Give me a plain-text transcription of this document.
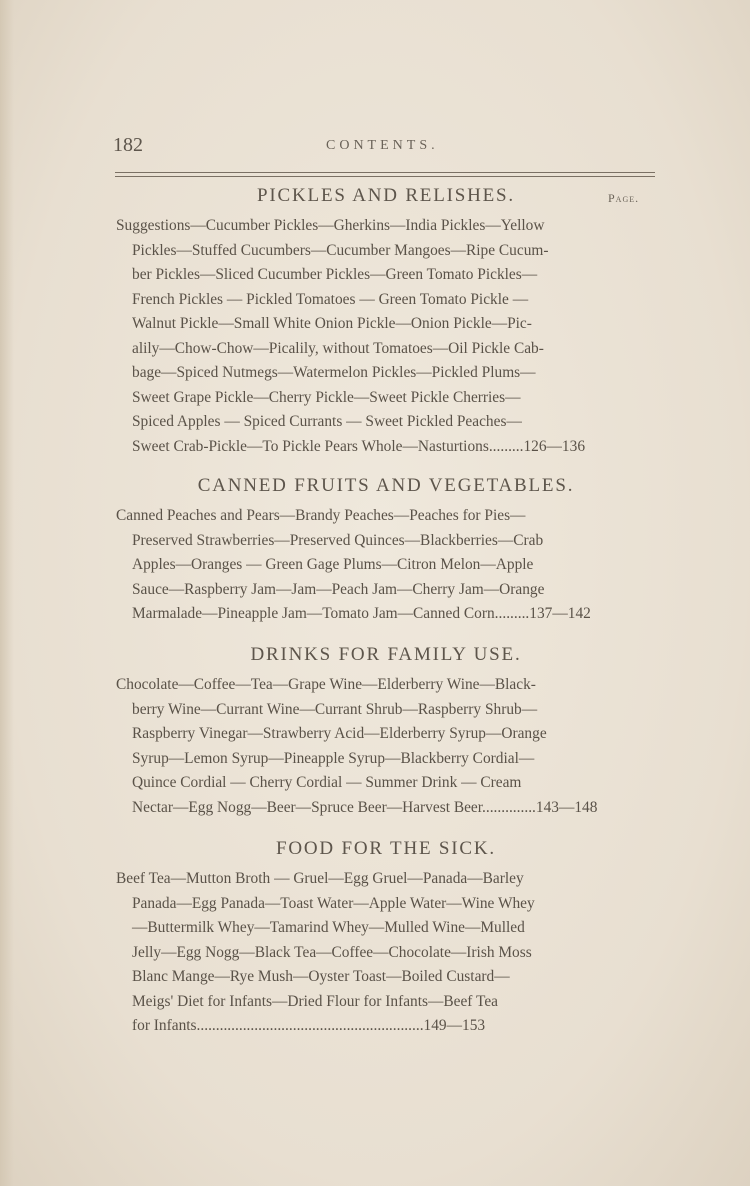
182	CONTENTS.
Page.
PICKLES AND RELISHES.
Suggestions—Cucumber Pickles—Gherkins—India Pickles—Yellow
Pickles—Stuffed Cucumbers—Cucumber Mangoes—Ripe Cucum-
ber Pickles—Sliced Cucumber Pickles—Green Tomato Pickles—
French Pickles — Pickled Tomatoes — Green Tomato Pickle —
Walnut Pickle—Small White Onion Pickle—Onion Pickle—Pic-
alily—Chow-Chow—Picalily, without Tomatoes—Oil Pickle Cab-
bage—Spiced Nutmegs—Watermelon Pickles—Pickled Plums—
Sweet Grape Pickle—Cherry Pickle—Sweet Pickle Cherries—
Spiced Apples — Spiced Currants — Sweet Pickled Peaches—
Sweet Crab-Pickle—To Pickle Pears Whole—Nasturtions.........126—136
CANNED FRUITS AND VEGETABLES.
Canned Peaches and Pears—Brandy Peaches—Peaches for Pies—
Preserved Strawberries—Preserved Quinces—Blackberries—Crab
Apples—Oranges — Green Gage Plums—Citron Melon—Apple
Sauce—Raspberry Jam—Jam—Peach Jam—Cherry Jam—Orange
Marmalade—Pineapple Jam—Tomato Jam—Canned Corn.........137—142
DRINKS FOR FAMILY USE.
Chocolate—Coffee—Tea—Grape Wine—Elderberry Wine—Black-
berry Wine—Currant Wine—Currant Shrub—Raspberry Shrub—
Raspberry Vinegar—Strawberry Acid—Elderberry Syrup—Orange
Syrup—Lemon Syrup—Pineapple Syrup—Blackberry Cordial—
Quince Cordial — Cherry Cordial — Summer Drink — Cream
Nectar—Egg Nogg—Beer—Spruce Beer—Harvest Beer..............143—148
FOOD FOR THE SICK.
Beef Tea—Mutton Broth — Gruel—Egg Gruel—Panada—Barley
Panada—Egg Panada—Toast Water—Apple Water—Wine Whey
—Buttermilk Whey—Tamarind Whey—Mulled Wine—Mulled
Jelly—Egg Nogg—Black Tea—Coffee—Chocolate—Irish Moss
Blanc Mange—Rye Mush—Oyster Toast—Boiled Custard—
Meigs' Diet for Infants—Dried Flour for Infants—Beef Tea
for Infants...........................................................149—153
